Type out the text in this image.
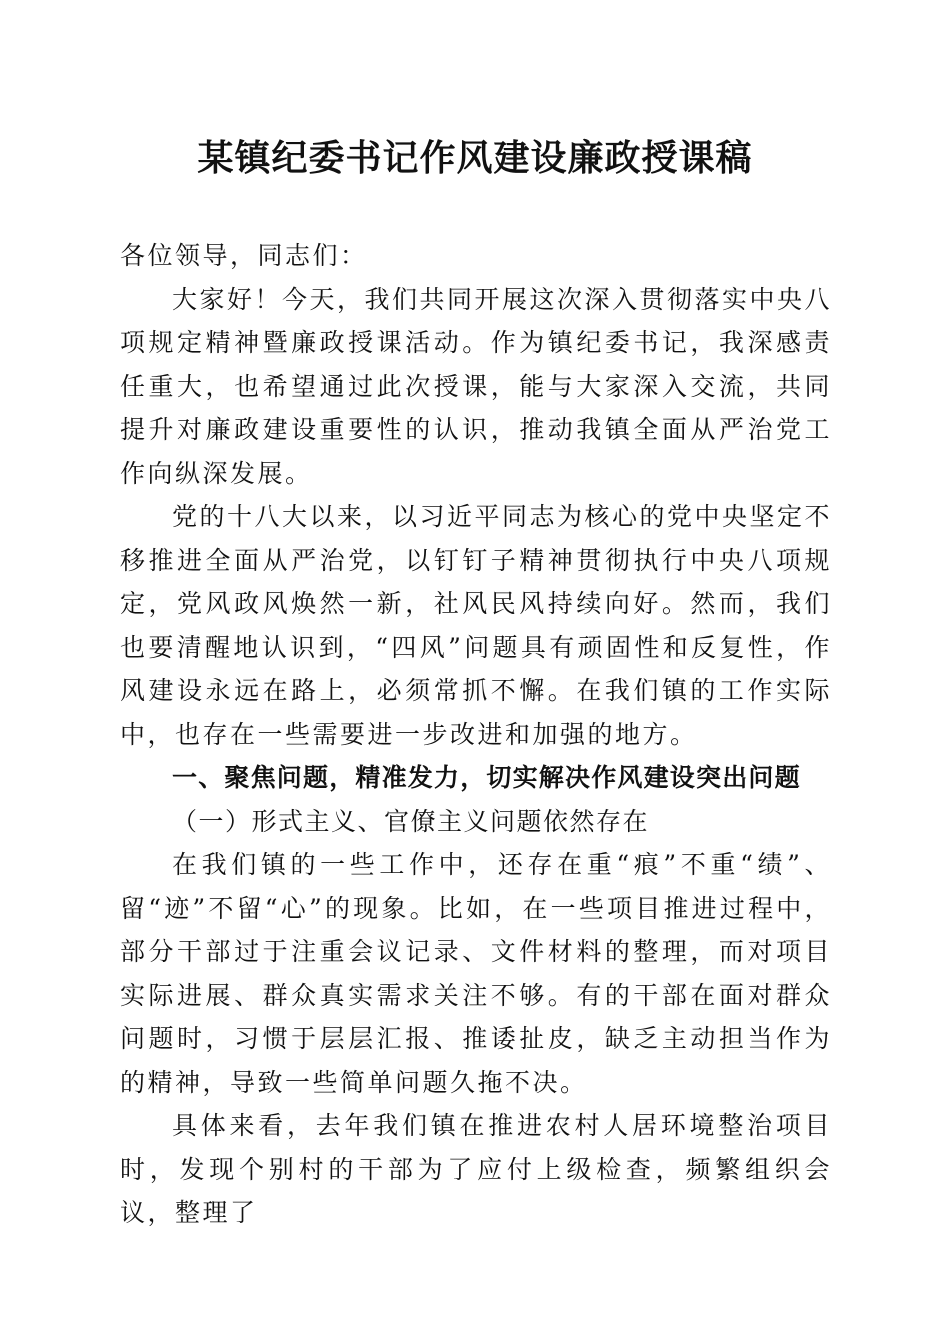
某镇纪委书记作风建设廉政授课稿

各位领导，同志们：

大家好！今天，我们共同开展这次深入贯彻落实中央八项规定精神暨廉政授课活动。作为镇纪委书记，我深感责任重大，也希望通过此次授课，能与大家深入交流，共同提升对廉政建设重要性的认识，推动我镇全面从严治党工作向纵深发展。

党的十八大以来，以习近平同志为核心的党中央坚定不移推进全面从严治党，以钉钉子精神贯彻执行中央八项规定，党风政风焕然一新，社风民风持续向好。然而，我们也要清醒地认识到，“四风”问题具有顽固性和反复性，作风建设永远在路上，必须常抓不懈。在我们镇的工作实际中，也存在一些需要进一步改进和加强的地方。

一、聚焦问题，精准发力，切实解决作风建设突出问题

（一）形式主义、官僚主义问题依然存在

在我们镇的一些工作中，还存在重“痕”不重“绩”、留“迹”不留“心”的现象。比如，在一些项目推进过程中，部分干部过于注重会议记录、文件材料的整理，而对项目实际进展、群众真实需求关注不够。有的干部在面对群众问题时，习惯于层层汇报、推诿扯皮，缺乏主动担当作为的精神，导致一些简单问题久拖不决。

具体来看，去年我们镇在推进农村人居环境整治项目时，发现个别村的干部为了应付上级检查，频繁组织会议，整理了
